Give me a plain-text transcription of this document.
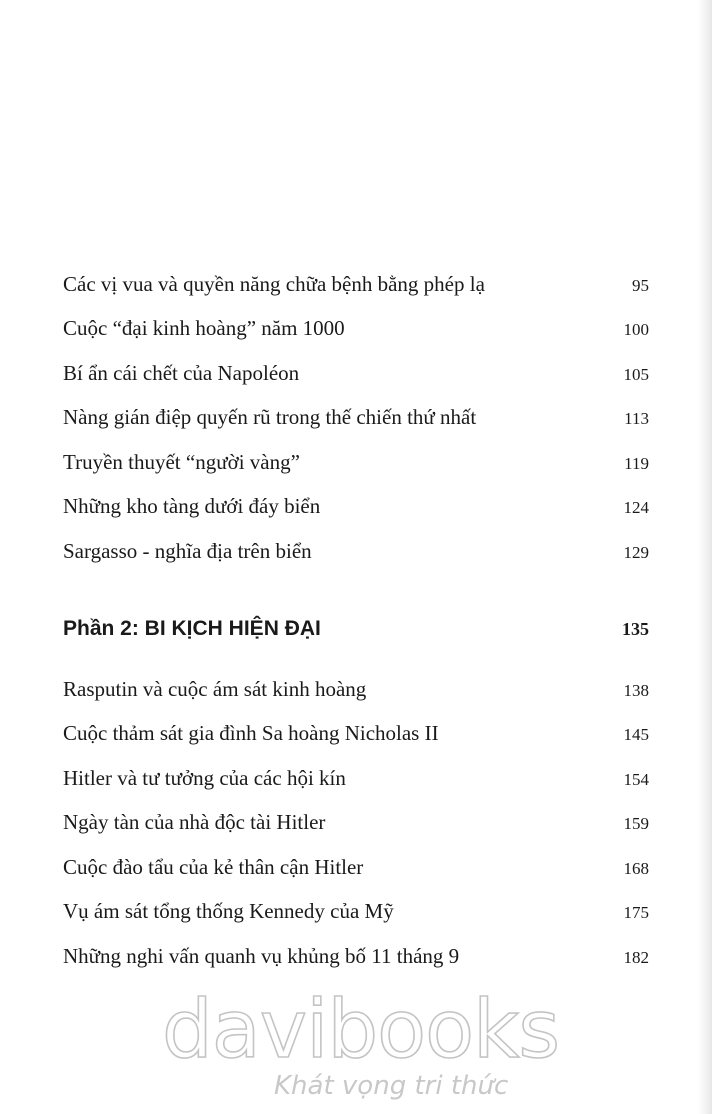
Các vị vua và quyền năng chữa bệnh bằng phép lạ	95
Cuộc “đại kinh hoàng” năm 1000	100
Bí ẩn cái chết của Napoléon	105
Nàng gián điệp quyến rũ trong thế chiến thứ nhất	113
Truyền thuyết “người vàng”	119
Những kho tàng dưới đáy biển	124
Sargasso - nghĩa địa trên biển	129
Phần 2: BI KỊCH HIỆN ĐẠI	135
Rasputin và cuộc ám sát kinh hoàng	138
Cuộc thảm sát gia đình Sa hoàng Nicholas II	145
Hitler và tư tưởng của các hội kín	154
Ngày tàn của nhà độc tài Hitler	159
Cuộc đào tẩu của kẻ thân cận Hitler	168
Vụ ám sát tổng thống Kennedy của Mỹ	175
Những nghi vấn quanh vụ khủng bố 11 tháng 9	182
davibooks
Khát vọng tri thức
